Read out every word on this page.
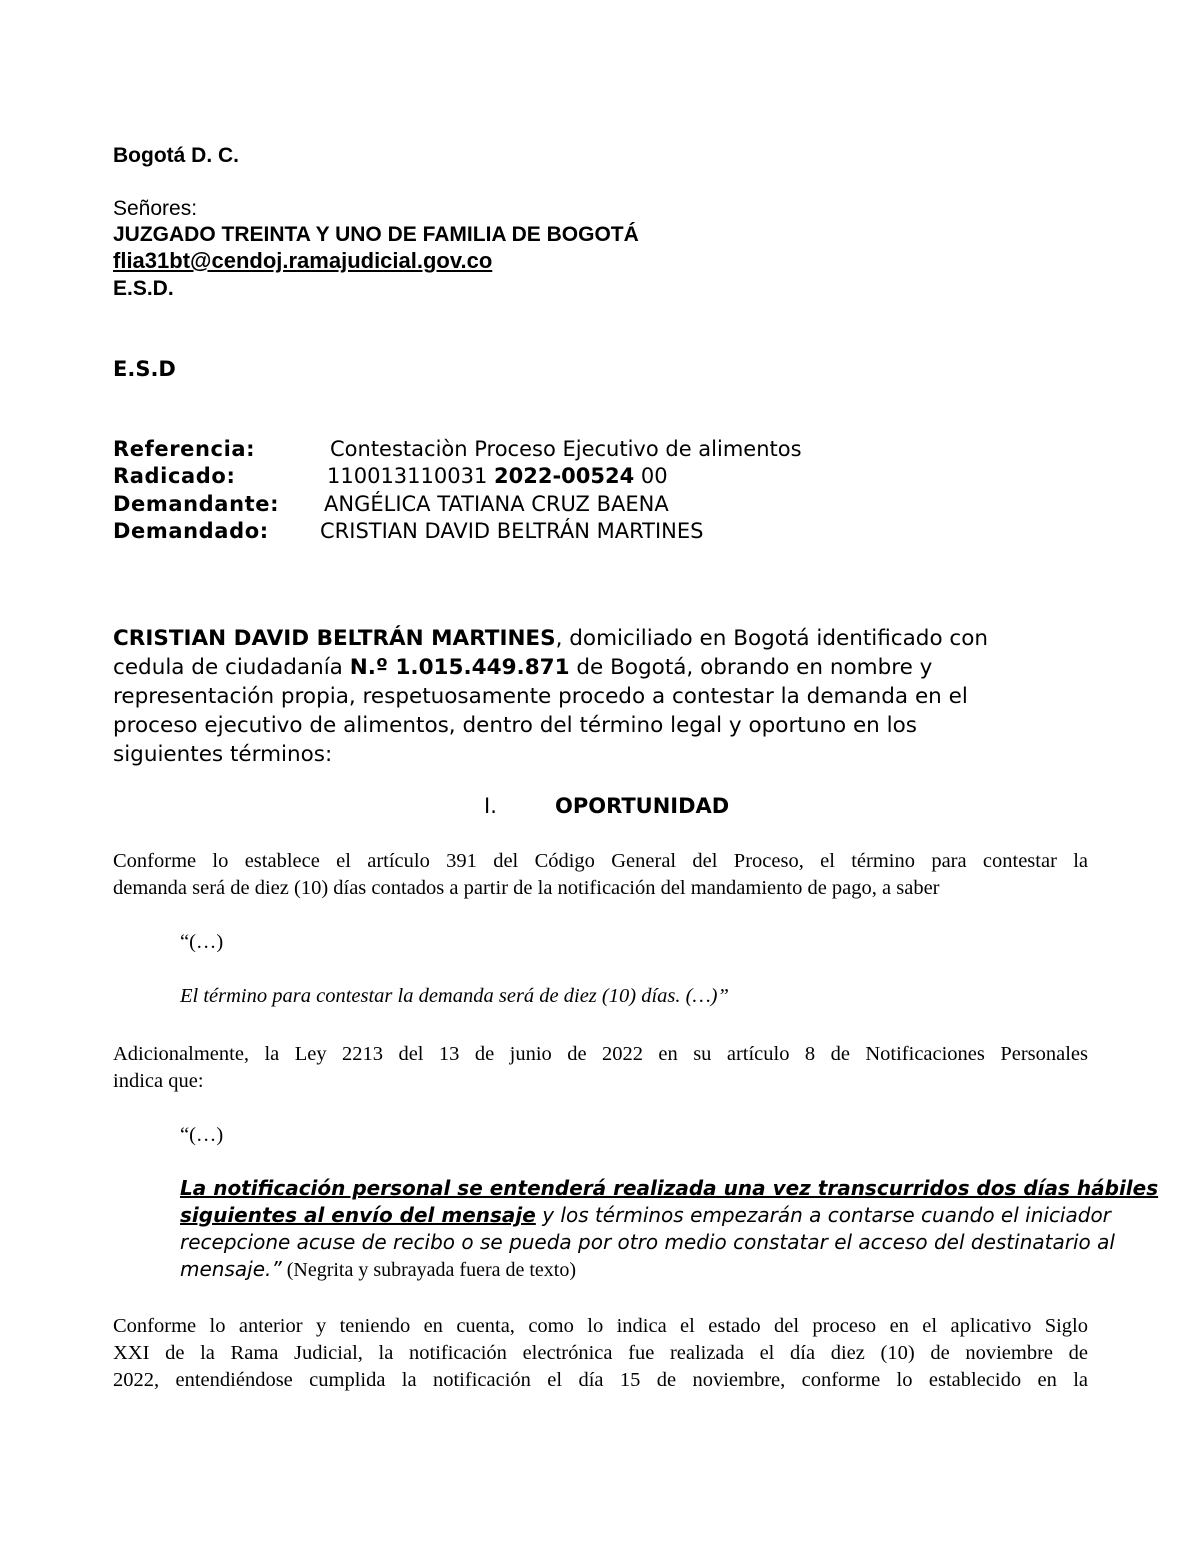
Bogotá D. C.
Señores:
JUZGADO TREINTA Y UNO DE FAMILIA DE BOGOTÁ
flia31bt@cendoj.ramajudicial.gov.co
E.S.D.
E.S.D
Referencia:	Contestaciòn Proceso Ejecutivo de alimentos
Radicado:	110013110031 2022-00524 00
Demandante: ANGÉLICA TATIANA CRUZ BAENA
Demandado: CRISTIAN DAVID BELTRÁN MARTINES
CRISTIAN DAVID BELTRÁN MARTINES, domiciliado en Bogotá identificado con
cedula de ciudadanía N.º 1.015.449.871 de Bogotá, obrando en nombre y
representación propia, respetuosamente procedo a contestar la demanda en el
proceso ejecutivo de alimentos, dentro del término legal y oportuno en los
siguientes términos:
I.	OPORTUNIDAD
Conforme lo establece el artículo 391 del Código General del Proceso, el término para contestar la
demanda será de diez (10) días contados a partir de la notificación del mandamiento de pago, a saber
“(…)
El término para contestar la demanda será de diez (10) días. (…)”
Adicionalmente, la Ley 2213 del 13 de junio de 2022 en su artículo 8 de Notificaciones Personales
indica que:
“(…)
La notificación personal se entenderá realizada una vez transcurridos dos días hábiles
siguientes al envío del mensaje y los términos empezarán a contarse cuando el iniciador
recepcione acuse de recibo o se pueda por otro medio constatar el acceso del destinatario al
mensaje.” (Negrita y subrayada fuera de texto)
Conforme lo anterior y teniendo en cuenta, como lo indica el estado del proceso en el aplicativo Siglo
XXI de la Rama Judicial, la notificación electrónica fue realizada el día diez (10) de noviembre de
2022, entendiéndose cumplida la notificación el día 15 de noviembre, conforme lo establecido en la
